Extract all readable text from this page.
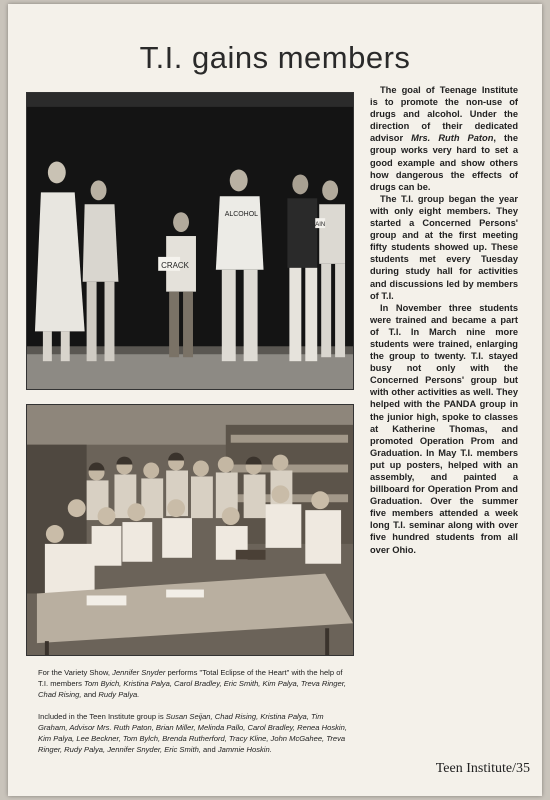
T.I. gains members
CRACK
ALCOHOL
AIN

The goal of Teenage Institute is to promote the non-use of drugs and alcohol. Under the direction of their dedicated advisor Mrs. Ruth Paton, the group works very hard to set a good example and show others how dangerous the effects of drugs can be.

The T.I. group began the year with only eight members. They started a Concerned Persons' group and at the first meeting fifty students showed up. These students met every Tuesday during study hall for activities and discussions led by members of T.I.

In November three students were trained and became a part of T.I. In March nine more students were trained, enlarging the group to twenty. T.I. stayed busy not only with the Concerned Persons' group but with other activities as well. They helped with the PANDA group in the junior high, spoke to classes at Katherine Thomas, and promoted Operation Prom and Graduation. In May T.I. members put up posters, helped with an assembly, and painted a billboard for Operation Prom and Graduation. Over the summer five members attended a week long T.I. seminar along with over five hundred students from all over Ohio.

For the Variety Show, Jennifer Snyder performs "Total Eclipse of the Heart" with the help of T.I. members Tom Byich, Kristina Palya, Carol Bradley, Eric Smith, Kim Palya, Treva Ringer, Chad Rising, and Rudy Palya.

Included in the Teen Institute group is Susan Seijan, Chad Rising, Kristina Palya, Tim Graham, Advisor Mrs. Ruth Paton, Brian Miller, Melinda Pallo, Carol Bradley, Renea Hoskin, Kim Palya, Lee Beckner, Tom Bylch, Brenda Rutherford, Tracy Kline, John McGahee, Treva Ringer, Rudy Palya, Jennifer Snyder, Eric Smith, and Jammie Hoskin.

Teen Institute/35
